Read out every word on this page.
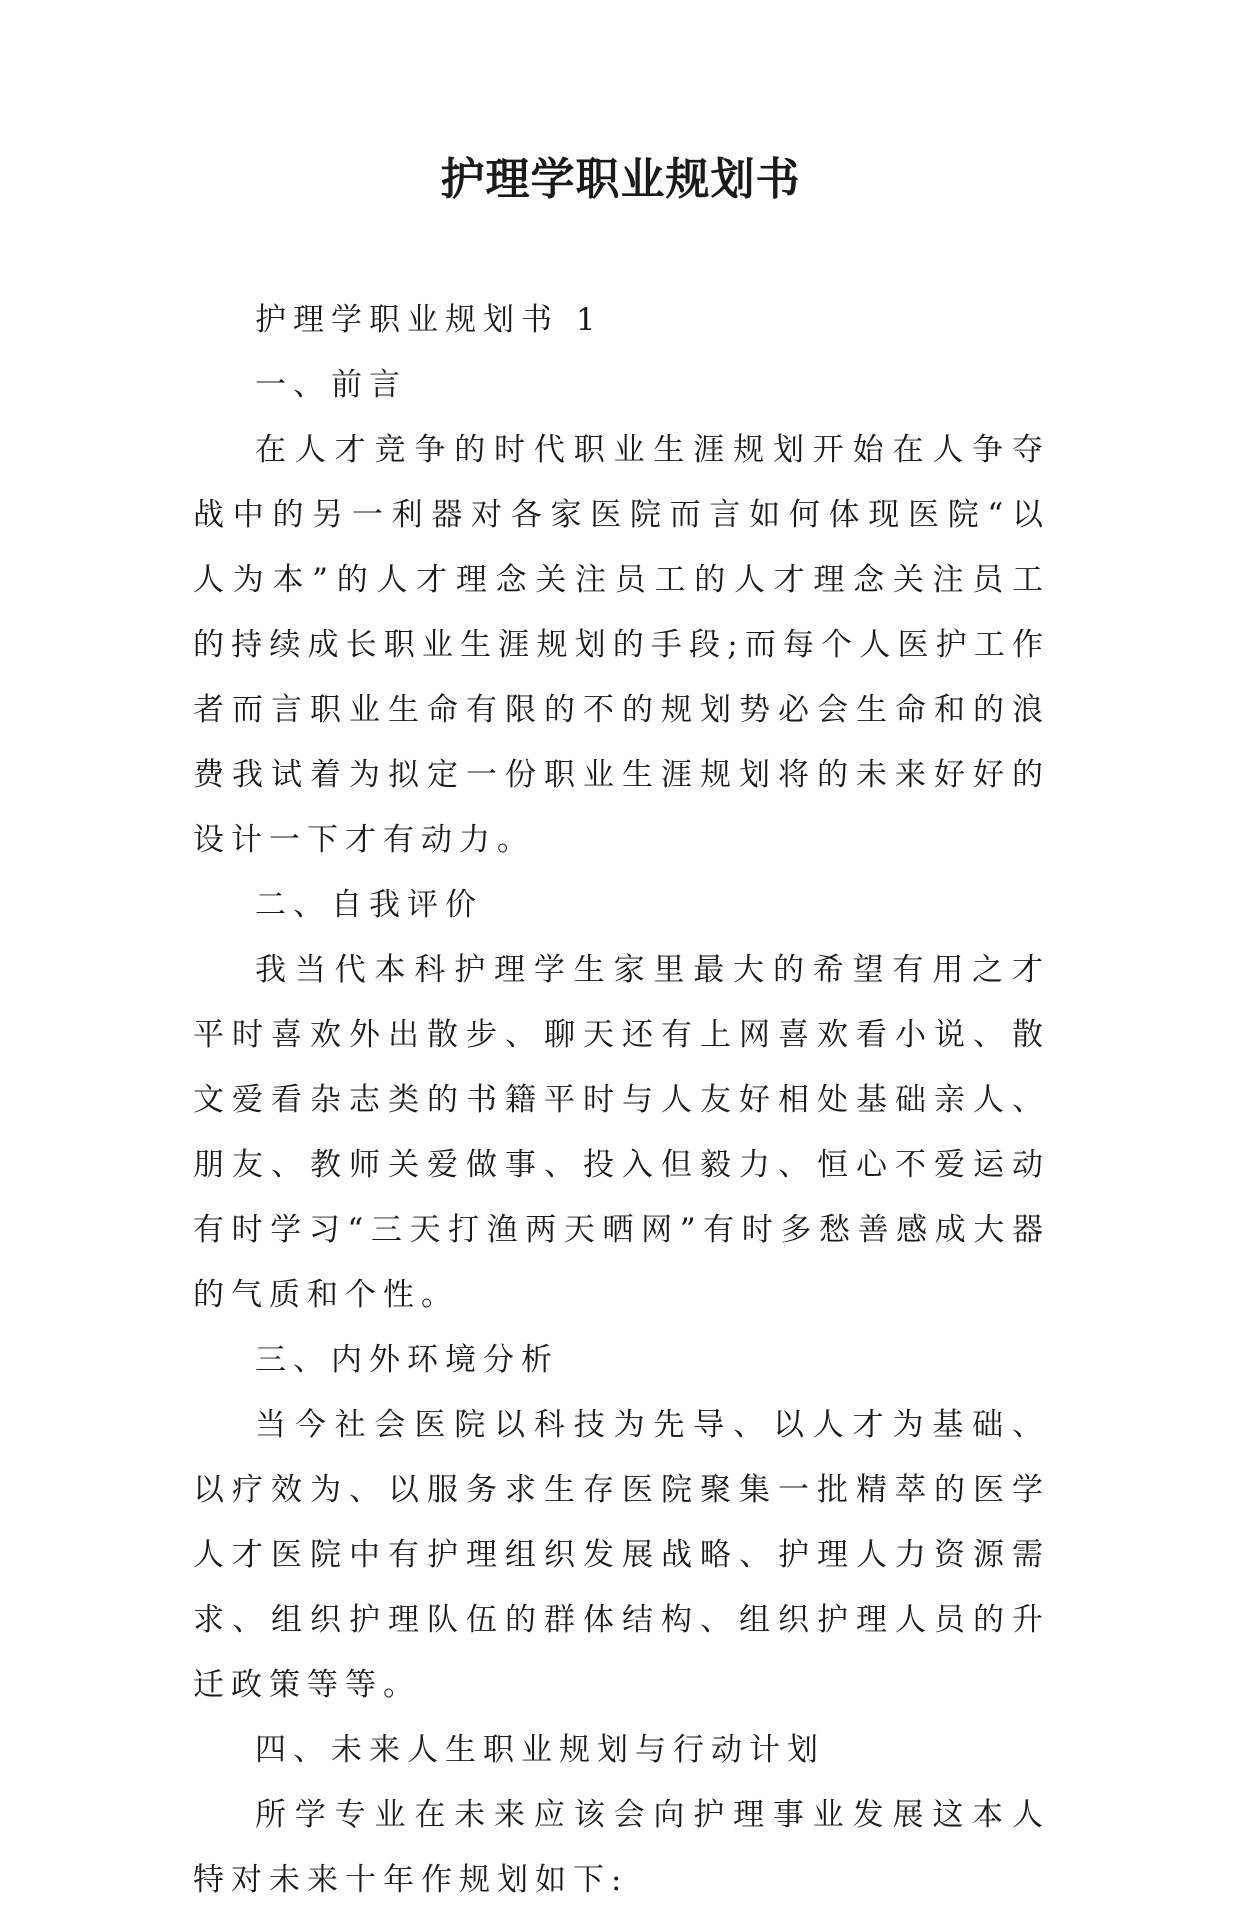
护理学职业规划书

护理学职业规划书 1

一、前言

在人才竞争的时代职业生涯规划开始在人争夺战中的另一利器对各家医院而言如何体现医院“以人为本”的人才理念关注员工的人才理念关注员工的持续成长职业生涯规划的手段;而每个人医护工作者而言职业生命有限的不的规划势必会生命和的浪费我试着为拟定一份职业生涯规划将的未来好好的设计一下才有动力。

二、自我评价

我当代本科护理学生家里最大的希望有用之才平时喜欢外出散步、聊天还有上网喜欢看小说、散文爱看杂志类的书籍平时与人友好相处基础亲人、朋友、教师关爱做事、投入但毅力、恒心不爱运动有时学习“三天打渔两天晒网”有时多愁善感成大器的气质和个性。

三、内外环境分析

当今社会医院以科技为先导、以人才为基础、以疗效为、以服务求生存医院聚集一批精萃的医学人才医院中有护理组织发展战略、护理人力资源需求、组织护理队伍的群体结构、组织护理人员的升迁政策等等。

四、未来人生职业规划与行动计划

所学专业在未来应该会向护理事业发展这本人特对未来十年作规划如下:
